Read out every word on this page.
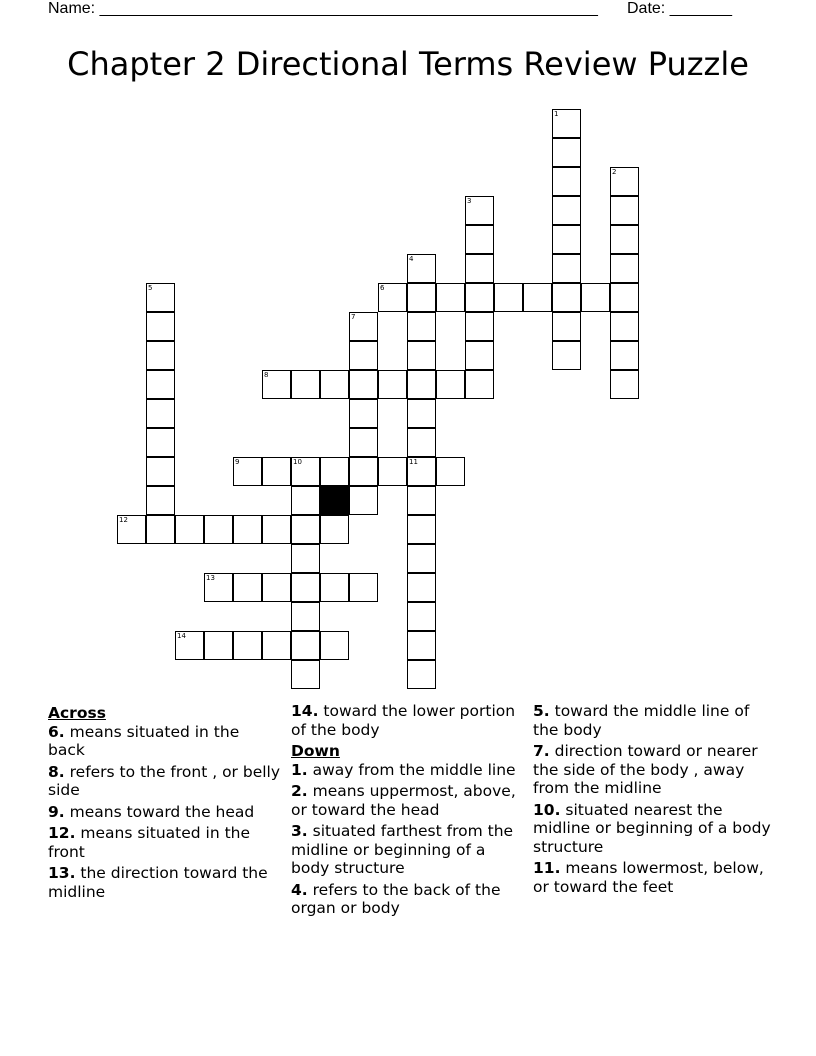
Name: ________________________________________________________ Date: _______
Chapter 2 Directional Terms Review Puzzle
1
2
3
4
5	6
7
8
9	10	11
12
13
14
Across
6. means situated in the back
8. refers to the front , or belly side
9. means toward the head
12. means situated in the front
13. the direction toward the midline
14. toward the lower portion of the body
Down
1. away from the middle line
2. means uppermost, above, or toward the head
3. situated farthest from the midline or beginning of a body structure
4. refers to the back of the organ or body
5. toward the middle line of the body
7. direction toward or nearer the side of the body , away from the midline
10. situated nearest the midline or beginning of a body structure
11. means lowermost, below, or toward the feet
